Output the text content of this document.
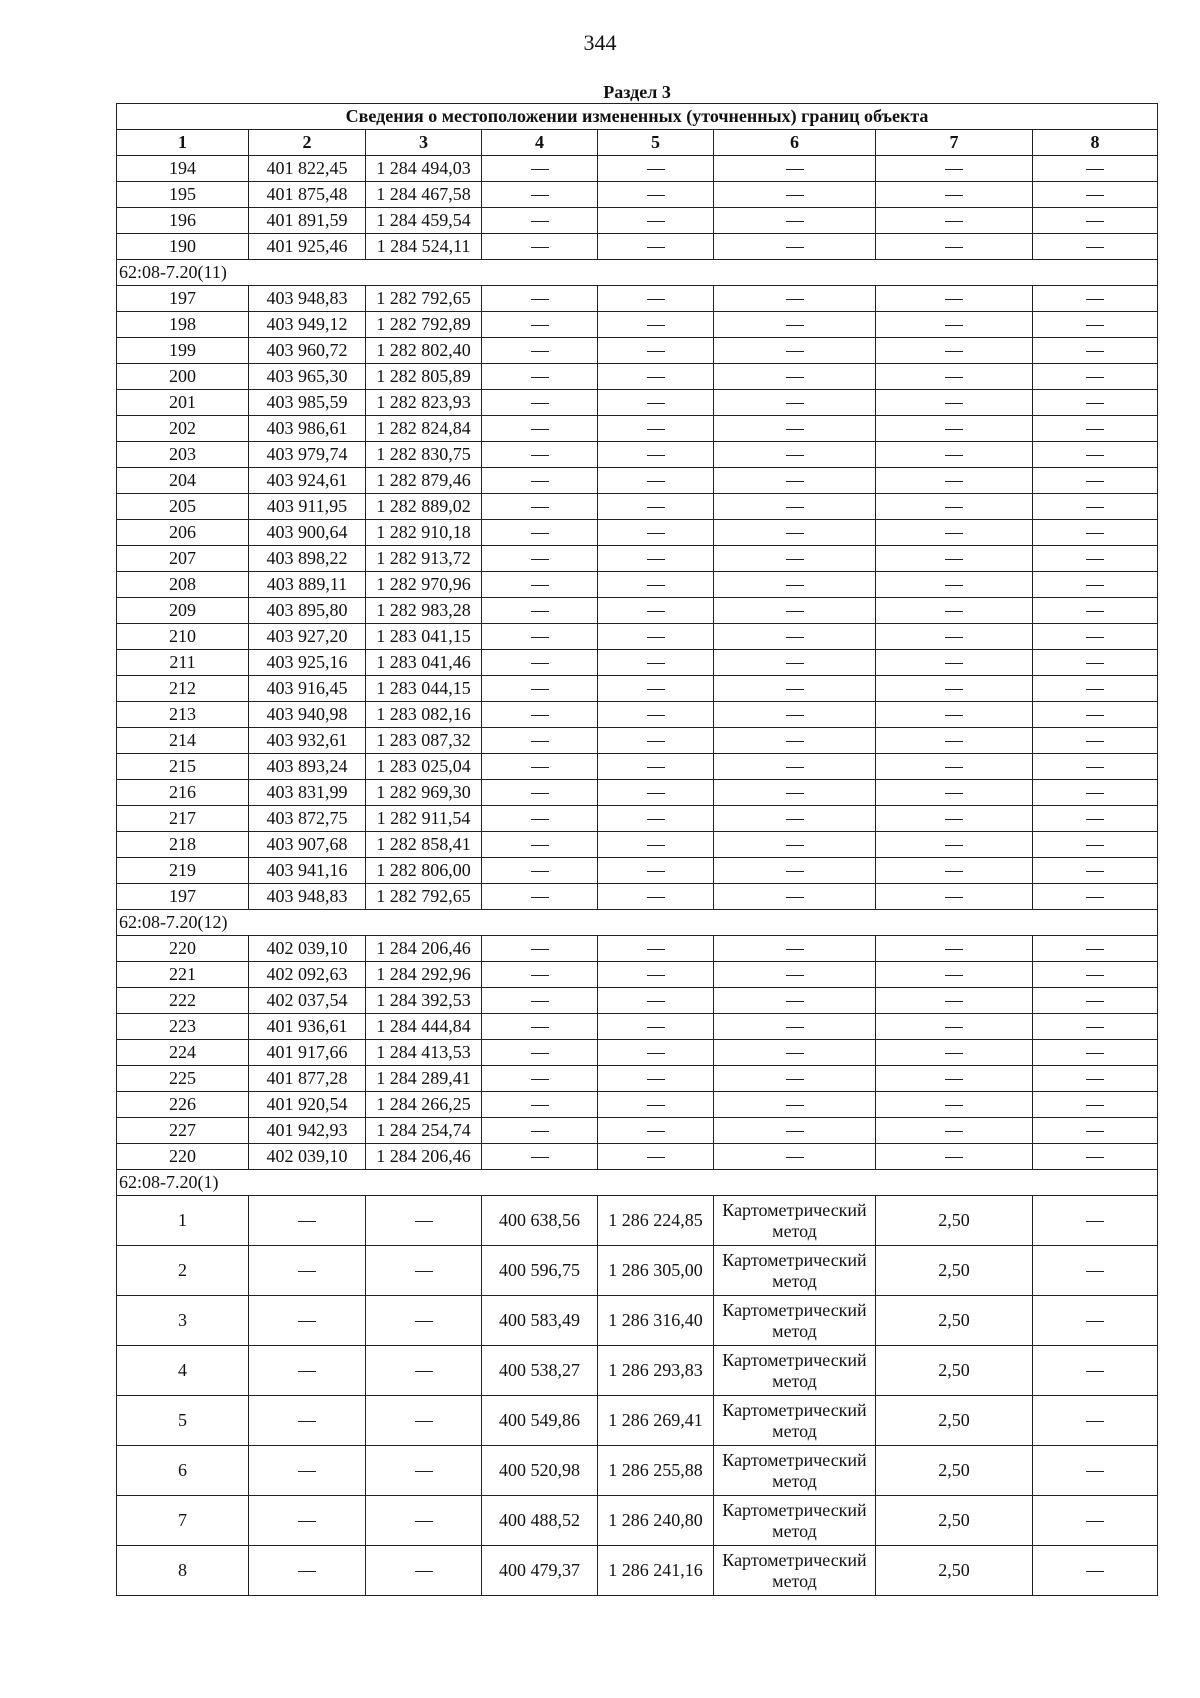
344
Раздел 3							
Сведения о местоположении измененных (уточненных) границ объекта							
1	2	3	4	5	6	7	8
194	401 822,45	1 284 494,03					
195	401 875,48	1 284 467,58					
196	401 891,59	1 284 459,54					
190	401 925,46	1 284 524,11					
62:08-7.20(11)							
197	403 948,83	1 282 792,65					
198	403 949,12	1 282 792,89					
199	403 960,72	1 282 802,40					
200	403 965,30	1 282 805,89					
201	403 985,59	1 282 823,93					
202	403 986,61	1 282 824,84					
203	403 979,74	1 282 830,75					
204	403 924,61	1 282 879,46					
205	403 911,95	1 282 889,02					
206	403 900,64	1 282 910,18					
207	403 898,22	1 282 913,72					
208	403 889,11	1 282 970,96					
209	403 895,80	1 282 983,28					
210	403 927,20	1 283 041,15					
211	403 925,16	1 283 041,46					
212	403 916,45	1 283 044,15					
213	403 940,98	1 283 082,16					
214	403 932,61	1 283 087,32					
215	403 893,24	1 283 025,04					
216	403 831,99	1 282 969,30					
217	403 872,75	1 282 911,54					
218	403 907,68	1 282 858,41					
219	403 941,16	1 282 806,00					
197	403 948,83	1 282 792,65					
62:08-7.20(12)							
220	402 039,10	1 284 206,46					
221	402 092,63	1 284 292,96					
222	402 037,54	1 284 392,53					
223	401 936,61	1 284 444,84					
224	401 917,66	1 284 413,53					
225	401 877,28	1 284 289,41					
226	401 920,54	1 284 266,25					
227	401 942,93	1 284 254,74					
220	402 039,10	1 284 206,46					
62:08-7.20(1)							
1			400 638,56	1 286 224,85	Картометрический метод	2,50	
2			400 596,75	1 286 305,00	Картометрический метод	2,50	
3			400 583,49	1 286 316,40	Картометрический метод	2,50	
4			400 538,27	1 286 293,83	Картометрический метод	2,50	
5			400 549,86	1 286 269,41	Картометрический метод	2,50	
6			400 520,98	1 286 255,88	Картометрический метод	2,50	
7			400 488,52	1 286 240,80	Картометрический метод	2,50	
8			400 479,37	1 286 241,16	Картометрический метод	2,50	
